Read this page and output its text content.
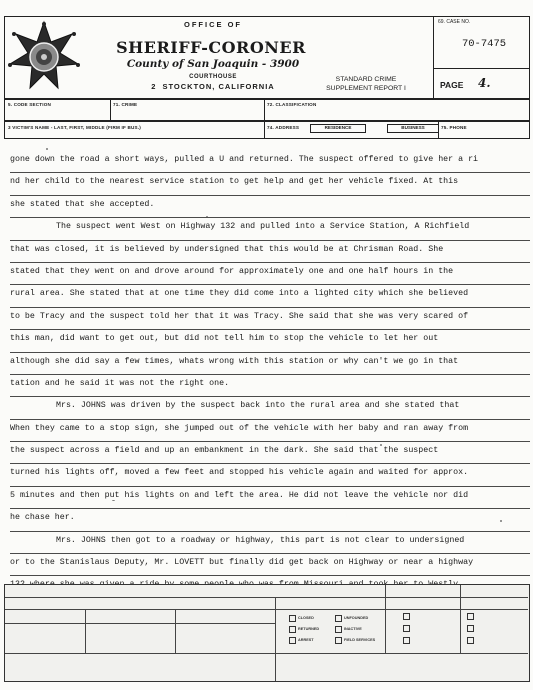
OFFICE OF
SHERIFF-CORONER
County of San Joaquin - 3900
COURTHOUSE
2 STOCKTON, CALIFORNIA
STANDARD CRIME
SUPPLEMENT REPORT I
69. CASE NO.
70-7475
PAGE 4.
5. CODE SECTION	71. CRIME	72. CLASSIFICATION
3 VICTIM'S NAME - LAST, FIRST, MIDDLE (FIRM IF BUS.)	74. ADDRESS	RESIDENCE	BUSINESS	75. PHONE
gone down the road a short ways, pulled a U and returned. The suspect offered to give her a ri
nd her child to the nearest service station to get help and get her vehicle fixed. At this
she stated that she accepted.
The suspect went West on Highway 132 and pulled into a Service Station, A Richfield
that was closed, it is believed by undersigned that this would be at Chrisman Road. She
stated that they went on and drove around for approximately one and one half hours in the
rural area. She stated that at one time they did come into a lighted city which she believed
to be Tracy and the suspect told her that it was Tracy. She said that she was very scared of
this man, did want to get out, but did not tell him to stop the vehicle to let her out
although she did say a few times, whats wrong with this station or why can't we go in that
tation and he said it was not the right one.
Mrs. JOHNS was driven by the suspect back into the rural area and she stated that
When they came to a stop sign, she jumped out of the vehicle with her baby and ran away from
the suspect across a field and up an embankment in the dark. She said that the suspect
turned his lights off, moved a few feet and stopped his vehicle again and waited for approx.
5 minutes and then put his lights on and left the area. He did not leave the vehicle nor did
he chase her.
Mrs. JOHNS then got to a roadway or highway, this part is not clear to undersigned
or to the Stanislaus Deputy, Mr. LOVETT but finally did get back on Highway or near a highway
CLOSED
RETURNED
ARREST
UNFOUNDED
INACTIVE
FIELD SERVICES
